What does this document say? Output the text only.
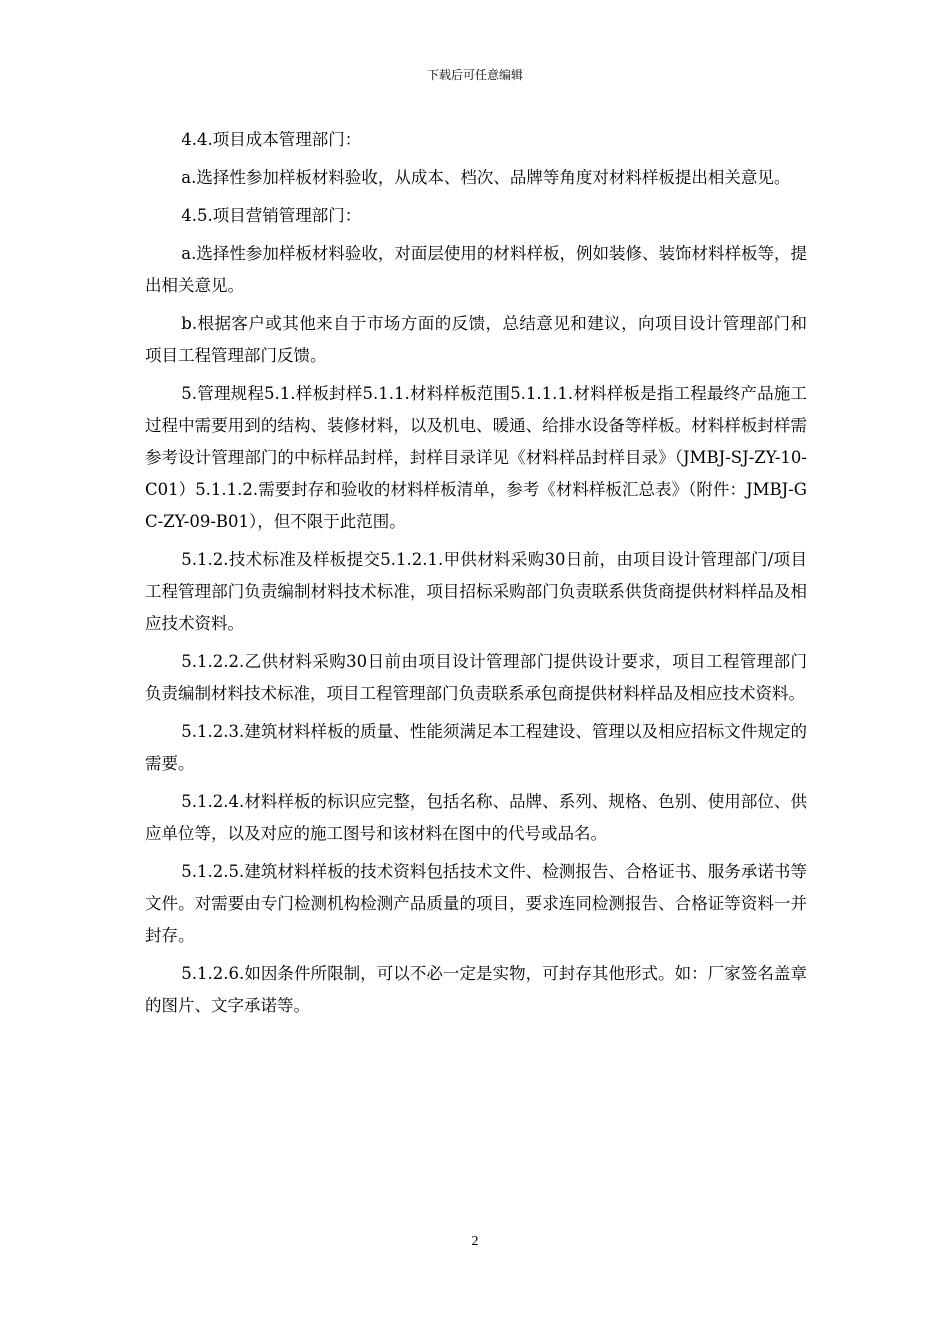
下载后可任意编辑

4.4.项目成本管理部门：

a.选择性参加样板材料验收，从成本、档次、品牌等角度对材料样板提出相关意见。

4.5.项目营销管理部门：

a.选择性参加样板材料验收，对面层使用的材料样板，例如装修、装饰材料样板等，提出相关意见。

b.根据客户或其他来自于市场方面的反馈，总结意见和建议，向项目设计管理部门和项目工程管理部门反馈。

5.管理规程5.1.样板封样5.1.1.材料样板范围5.1.1.1.材料样板是指工程最终产品施工过程中需要用到的结构、装修材料，以及机电、暖通、给排水设备等样板。材料样板封样需参考设计管理部门的中标样品封样，封样目录详见《材料样品封样目录》（JMBJ-SJ-ZY-10-C01）5.1.1.2.需要封存和验收的材料样板清单，参考《材料样板汇总表》（附件：JMBJ-GC-ZY-09-B01），但不限于此范围。

5.1.2.技术标准及样板提交5.1.2.1.甲供材料采购30日前，由项目设计管理部门/项目工程管理部门负责编制材料技术标准，项目招标采购部门负责联系供货商提供材料样品及相应技术资料。

5.1.2.2.乙供材料采购30日前由项目设计管理部门提供设计要求，项目工程管理部门负责编制材料技术标准，项目工程管理部门负责联系承包商提供材料样品及相应技术资料。

5.1.2.3.建筑材料样板的质量、性能须满足本工程建设、管理以及相应招标文件规定的需要。

5.1.2.4.材料样板的标识应完整，包括名称、品牌、系列、规格、色别、使用部位、供应单位等，以及对应的施工图号和该材料在图中的代号或品名。

5.1.2.5.建筑材料样板的技术资料包括技术文件、检测报告、合格证书、服务承诺书等文件。对需要由专门检测机构检测产品质量的项目，要求连同检测报告、合格证等资料一并封存。

5.1.2.6.如因条件所限制，可以不必一定是实物，可封存其他形式。如：厂家签名盖章的图片、文字承诺等。

2
